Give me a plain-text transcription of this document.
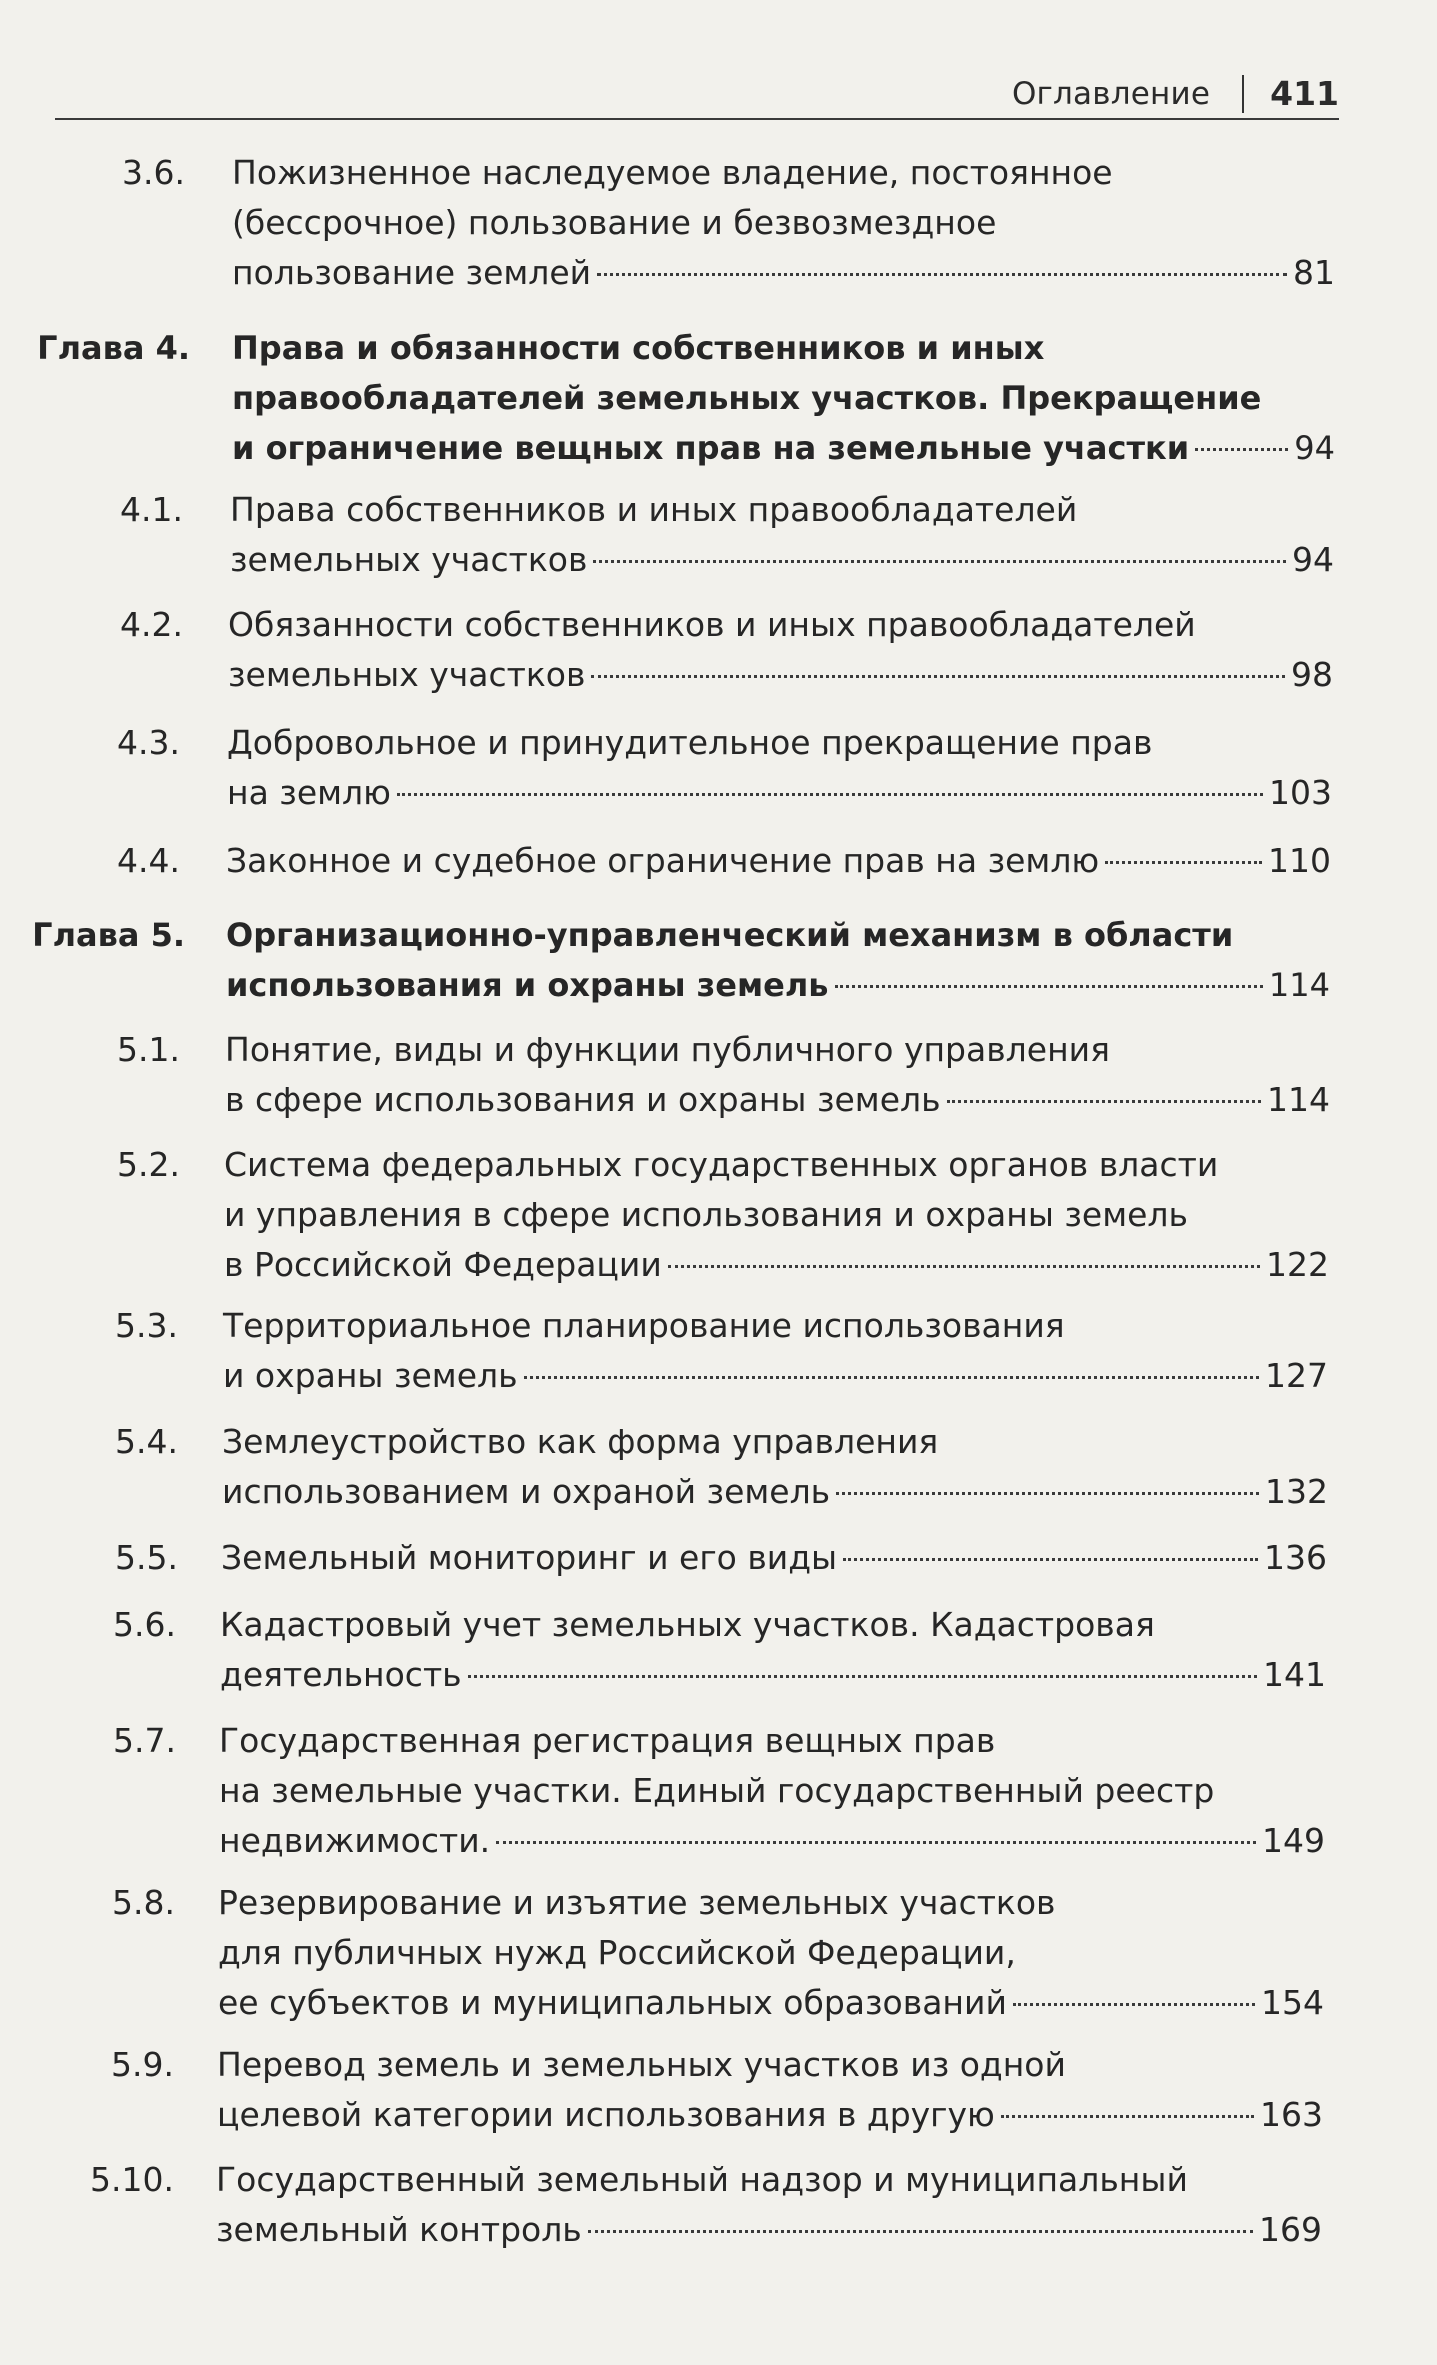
Оглавление 411
3.6. Пожизненное наследуемое владение, постоянное
(бессрочное) пользование и безвозмездное
пользование землей	81
Глава 4. Права и обязанности собственников и иных
правообладателей земельных участков. Прекращение
и ограничение вещных прав на земельные участки	94
4.1. Права собственников и иных правообладателей
земельных участков	94
4.2. Обязанности собственников и иных правообладателей
земельных участков	98
4.3. Добровольное и принудительное прекращение прав
на землю	103
4.4. Законное и судебное ограничение прав на землю	110
Глава 5. Организационно-управленческий механизм в области
использования и охраны земель	114
5.1. Понятие, виды и функции публичного управления
в сфере использования и охраны земель	114
5.2. Система федеральных государственных органов власти
и управления в сфере использования и охраны земель
в Российской Федерации	122
5.3. Территориальное планирование использования
и охраны земель	127
5.4. Землеустройство как форма управления
использованием и охраной земель	132
5.5. Земельный мониторинг и его виды	136
5.6. Кадастровый учет земельных участков. Кадастровая
деятельность	141
5.7. Государственная регистрация вещных прав
на земельные участки. Единый государственный реестр
недвижимости.	149
5.8. Резервирование и изъятие земельных участков
для публичных нужд Российской Федерации,
ее субъектов и муниципальных образований	154
5.9. Перевод земель и земельных участков из одной
целевой категории использования в другую	163
5.10. Государственный земельный надзор и муниципальный
земельный контроль	169
